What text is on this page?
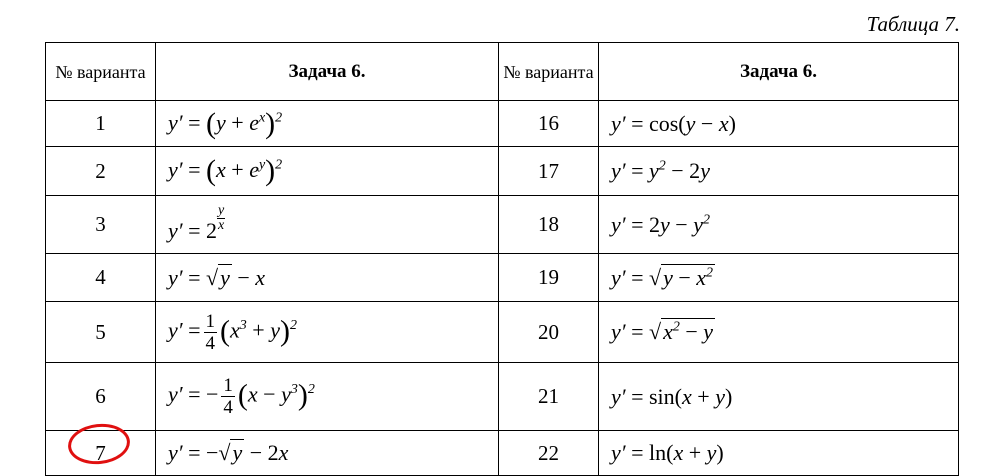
Таблица 7.
№ варианта	Задача 6.	№ варианта	Задача 6.
1	$y' = (y + e^x)^2$	16	y′ = cos(y − x)
2	$y' = (x + e^y)^2$	17	$y' = y^2 - 2y$
3	$y' = 2 \frac{y}{x}$	18	$y' = 2y - y^2$
4	y′ = √y − x	19	$y' = √y - x^2$
5	$y' = \frac{1}{4} (x^3 + y)^2$	20	$y' = √x^2 - y$
6	y′ = − $\frac{1}{4} (x - y^3)^2$	21	y′ = sin(x + y)
7	y′ = −√y − 2x	22	y′ = ln(x + y)
